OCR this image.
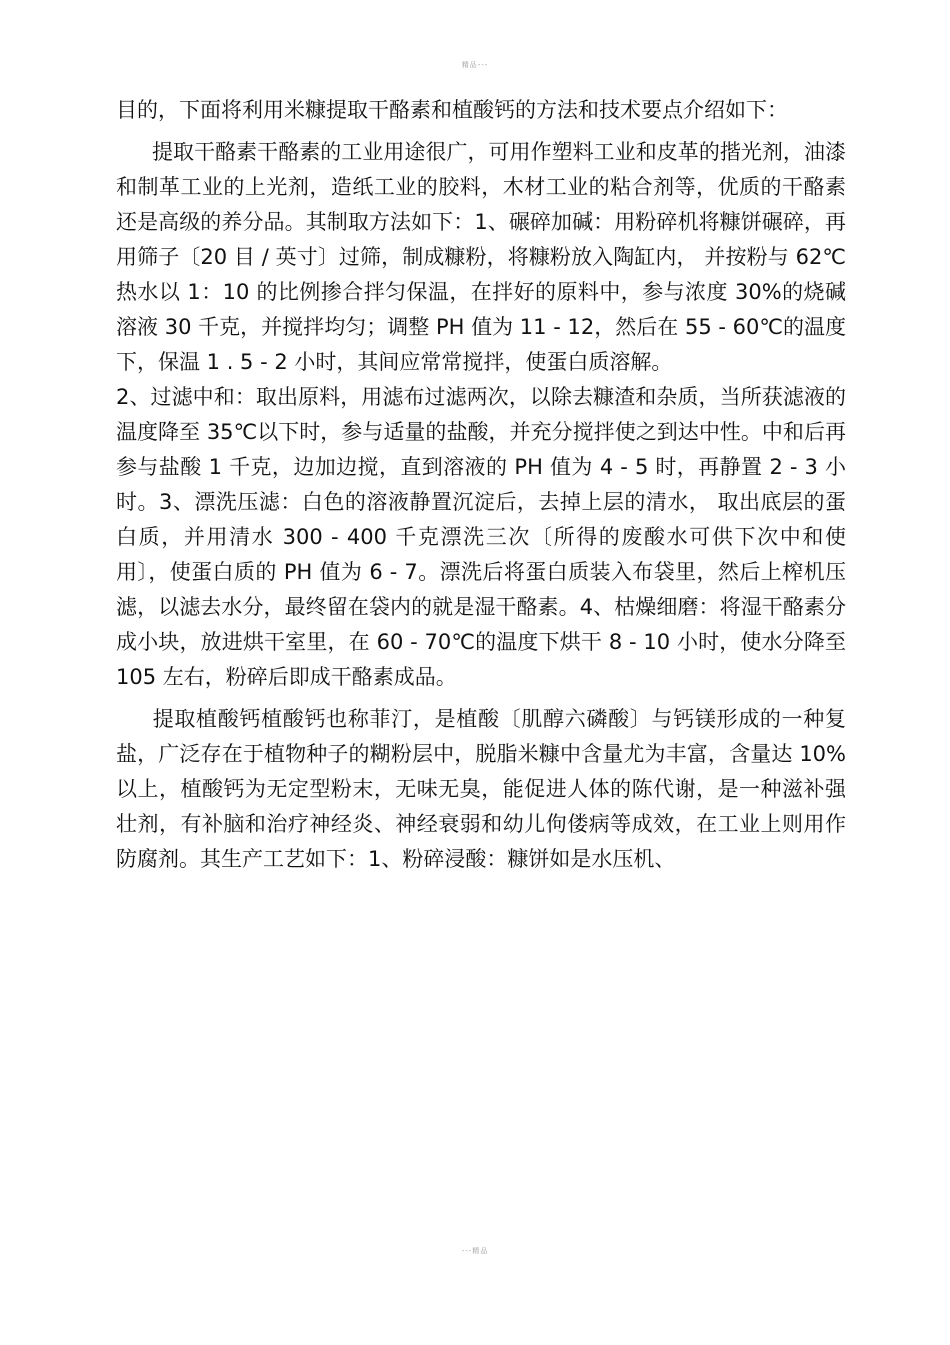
精品---

目的，下面将利用米糠提取干酪素和植酸钙的方法和技术要点介绍如下：

提取干酪素干酪素的工业用途很广，可用作塑料工业和皮革的揩光剂，油漆和制革工业的上光剂，造纸工业的胶料，木材工业的粘合剂等，优质的干酪素还是高级的养分品。其制取方法如下：1、碾碎加碱：用粉碎机将糠饼碾碎，再用筛子〔20 目 / 英寸〕过筛，制成糠粉，将糠粉放入陶缸内， 并按粉与 62℃热水以 1：10 的比例掺合拌匀保温，在拌好的原料中，参与浓度 30%的烧碱溶液 30 千克，并搅拌均匀；调整 PH 值为 11 - 12，然后在 55 - 60℃的温度下，保温 1 . 5 - 2 小时，其间应常常搅拌，使蛋白质溶解。

2、过滤中和：取出原料，用滤布过滤两次，以除去糠渣和杂质，当所获滤液的温度降至 35℃以下时，参与适量的盐酸，并充分搅拌使之到达中性。中和后再参与盐酸 1 千克，边加边搅，直到溶液的 PH 值为 4 - 5 时，再静置 2 - 3 小时。3、漂洗压滤：白色的溶液静置沉淀后，去掉上层的清水， 取出底层的蛋白质，并用清水 300 - 400 千克漂洗三次〔所得的废酸水可供下次中和使用〕，使蛋白质的 PH 值为 6 - 7。漂洗后将蛋白质装入布袋里，然后上榨机压滤，以滤去水分，最终留在袋内的就是湿干酪素。4、枯燥细磨：将湿干酪素分成小块，放进烘干室里，在 60 - 70℃的温度下烘干 8 - 10 小时，使水分降至 105 左右，粉碎后即成干酪素成品。

提取植酸钙植酸钙也称菲汀，是植酸〔肌醇六磷酸〕与钙镁形成的一种复盐，广泛存在于植物种子的糊粉层中，脱脂米糠中含量尤为丰富，含量达 10%以上，植酸钙为无定型粉末，无味无臭，能促进人体的陈代谢，是一种滋补强壮剂，有补脑和治疗神经炎、神经衰弱和幼儿佝偻病等成效，在工业上则用作防腐剂。其生产工艺如下：1、粉碎浸酸：糠饼如是水压机、

---精品
